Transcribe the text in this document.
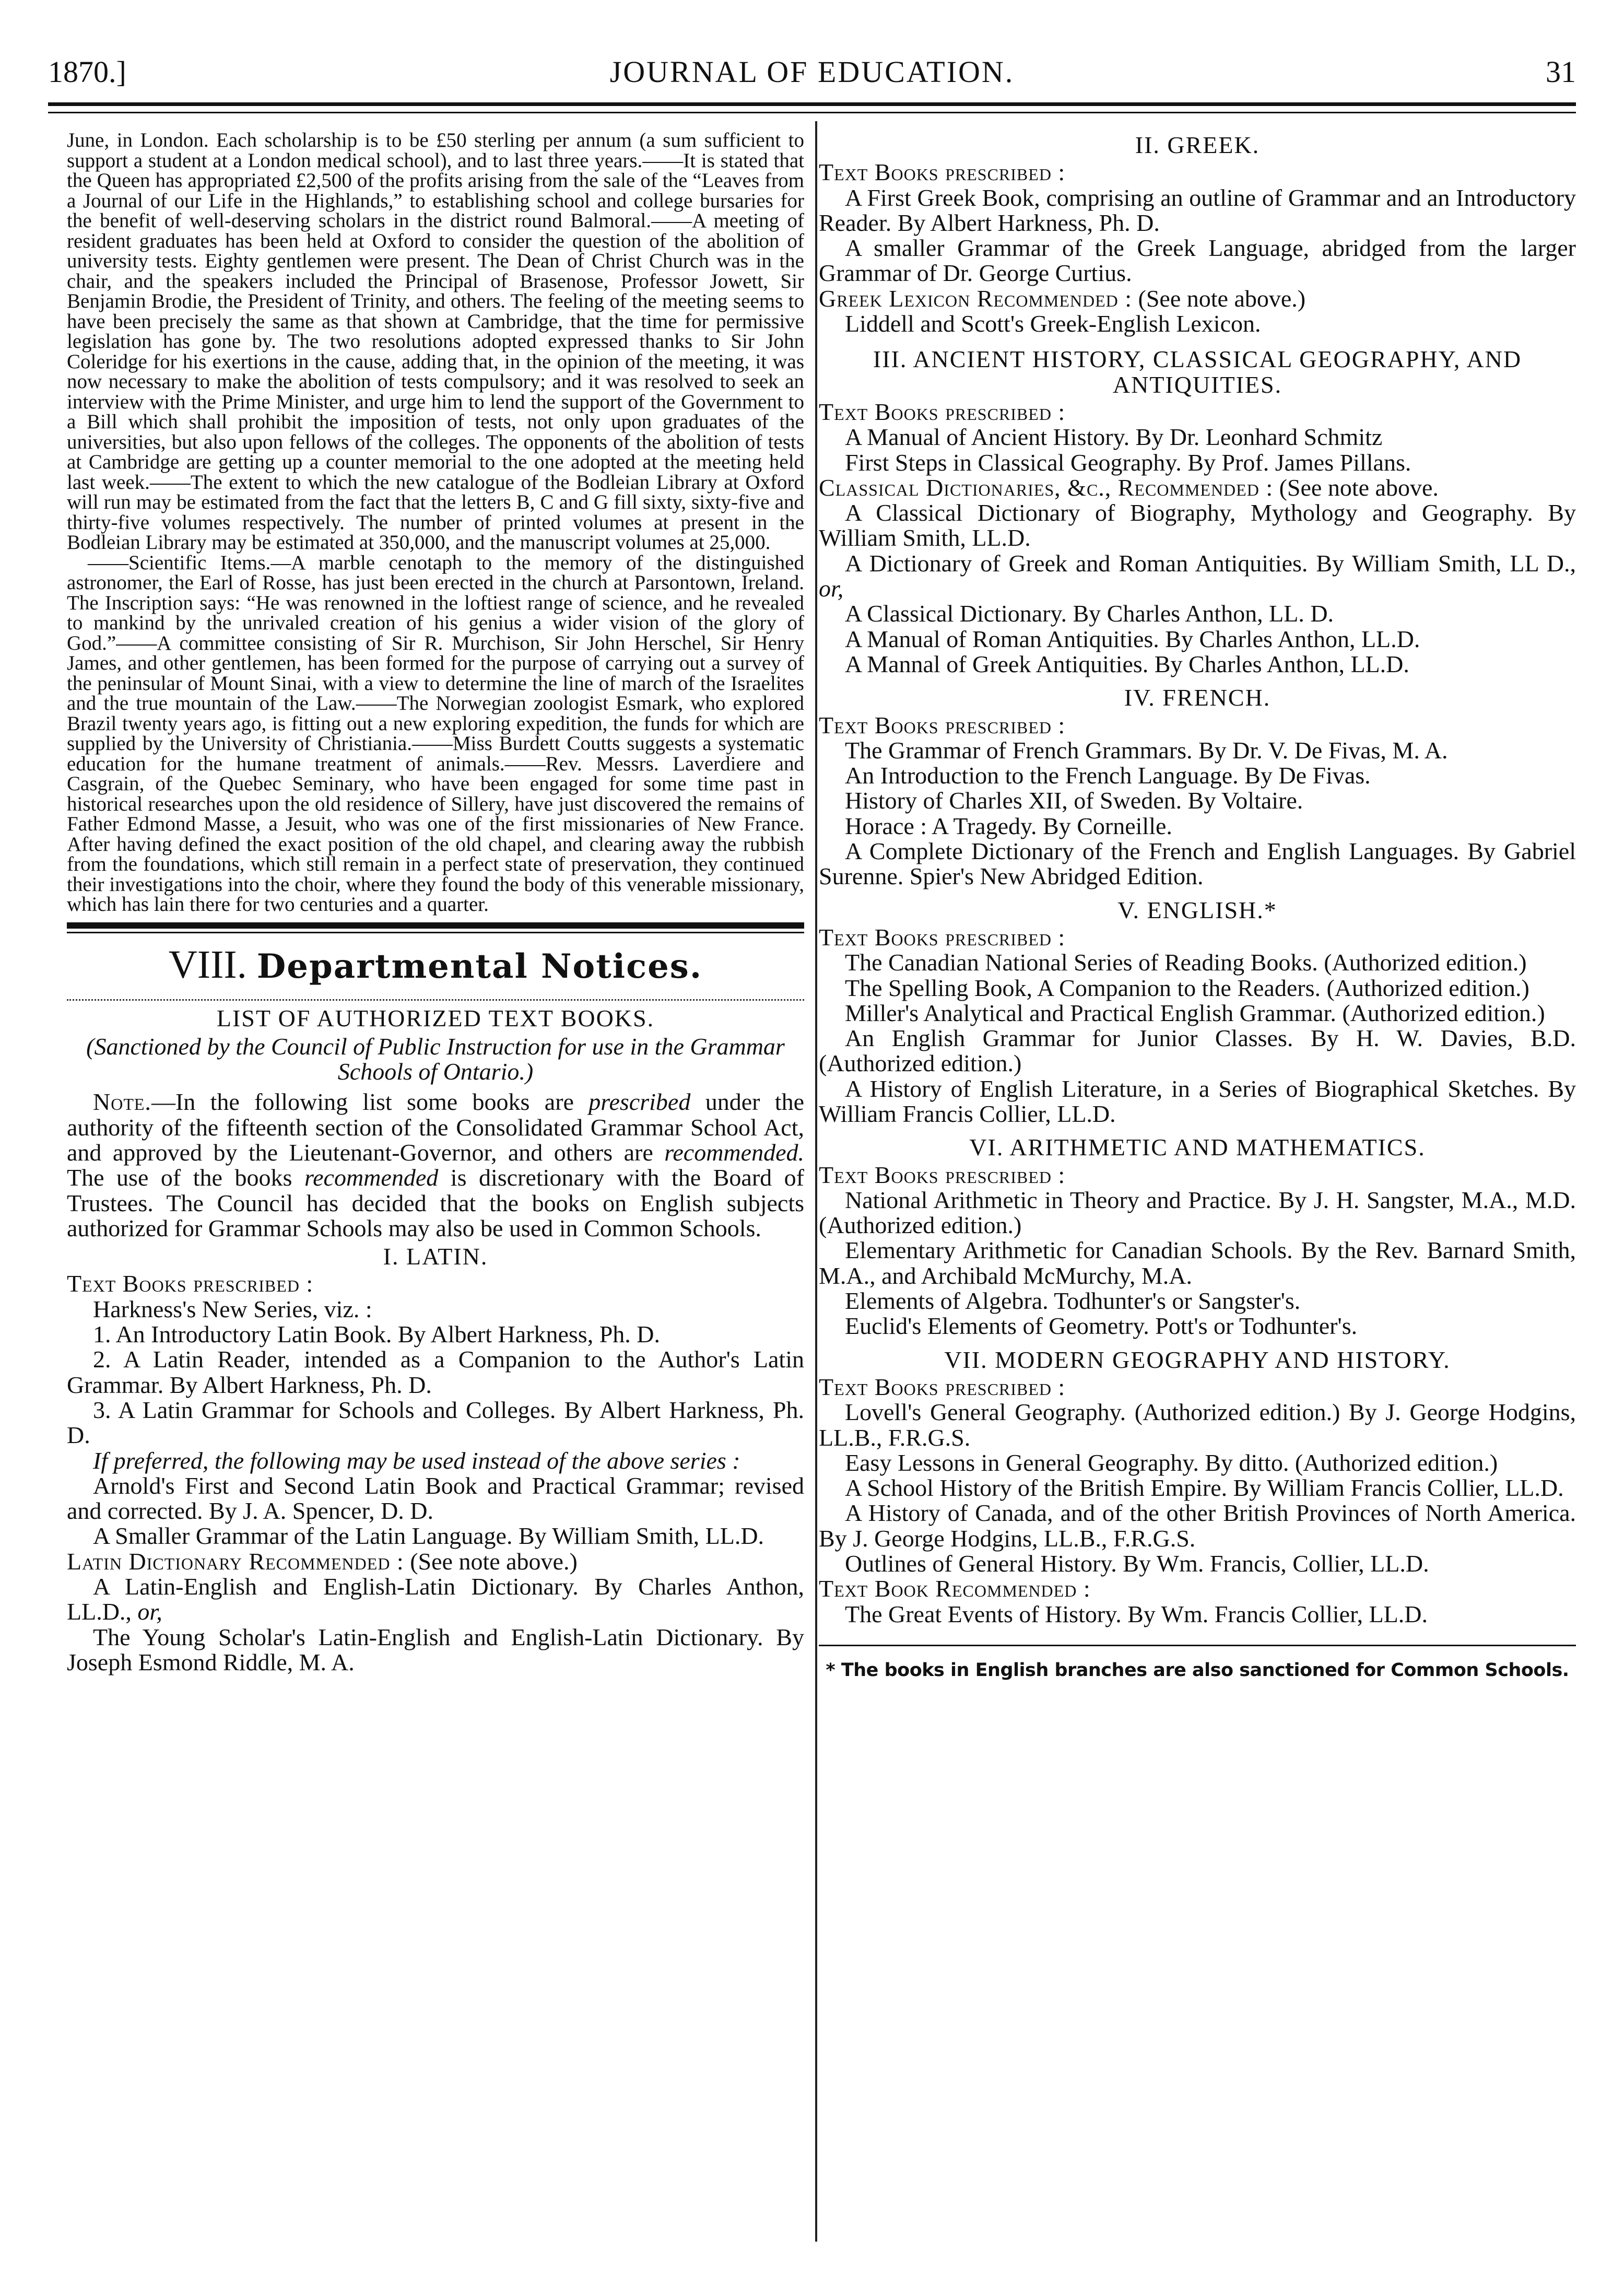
1870.]	JOURNAL OF EDUCATION.	31

June, in London. Each scholarship is to be £50 sterling per annum (a sum sufficient to support a student at a London medical school), and to last three years.——It is stated that the Queen has appropriated £2,500 of the profits arising from the sale of the “Leaves from a Journal of our Life in the Highlands,” to establishing school and college bursaries for the benefit of well-deserving scholars in the district round Balmoral.——A meeting of resident graduates has been held at Oxford to consider the question of the abolition of university tests. Eighty gentlemen were present. The Dean of Christ Church was in the chair, and the speakers included the Principal of Brasenose, Professor Jowett, Sir Benjamin Brodie, the President of Trinity, and others. The feeling of the meeting seems to have been precisely the same as that shown at Cambridge, that the time for permissive legislation has gone by. The two resolutions adopted expressed thanks to Sir John Coleridge for his exertions in the cause, adding that, in the opinion of the meeting, it was now necessary to make the abolition of tests compulsory; and it was resolved to seek an interview with the Prime Minister, and urge him to lend the support of the Government to a Bill which shall prohibit the imposition of tests, not only upon graduates of the universities, but also upon fellows of the colleges. The opponents of the abolition of tests at Cambridge are getting up a counter memorial to the one adopted at the meeting held last week.——The extent to which the new catalogue of the Bodleian Library at Oxford will run may be estimated from the fact that the letters B, C and G fill sixty, sixty-five and thirty-five volumes respectively. The number of printed volumes at present in the Bodleian Library may be estimated at 350,000, and the manuscript volumes at 25,000.

——Scientific Items.—A marble cenotaph to the memory of the distinguished astronomer, the Earl of Rosse, has just been erected in the church at Parsontown, Ireland. The Inscription says: “He was renowned in the loftiest range of science, and he revealed to mankind by the unrivaled creation of his genius a wider vision of the glory of God.”——A committee consisting of Sir R. Murchison, Sir John Herschel, Sir Henry James, and other gentlemen, has been formed for the purpose of carrying out a survey of the peninsular of Mount Sinai, with a view to determine the line of march of the Israelites and the true mountain of the Law.——The Norwegian zoologist Esmark, who explored Brazil twenty years ago, is fitting out a new exploring expedition, the funds for which are supplied by the University of Christiania.——Miss Burdett Coutts suggests a systematic education for the humane treatment of animals.——Rev. Messrs. Laverdiere and Casgrain, of the Quebec Seminary, who have been engaged for some time past in historical researches upon the old residence of Sillery, have just discovered the remains of Father Edmond Masse, a Jesuit, who was one of the first missionaries of New France. After having defined the exact position of the old chapel, and clearing away the rubbish from the foundations, which still remain in a perfect state of preservation, they continued their investigations into the choir, where they found the body of this venerable missionary, which has lain there for two centuries and a quarter.

VIII. Departmental Notices.

LIST OF AUTHORIZED TEXT BOOKS.

(Sanctioned by the Council of Public Instruction for use in the Grammar Schools of Ontario.)

Note.—In the following list some books are prescribed under the authority of the fifteenth section of the Consolidated Grammar School Act, and approved by the Lieutenant-Governor, and others are recommended. The use of the books recommended is discretionary with the Board of Trustees. The Council has decided that the books on English subjects authorized for Grammar Schools may also be used in Common Schools.

I. LATIN.

Text Books prescribed :

Harkness's New Series, viz. :

1. An Introductory Latin Book. By Albert Harkness, Ph. D.

2. A Latin Reader, intended as a Companion to the Author's Latin Grammar. By Albert Harkness, Ph. D.

3. A Latin Grammar for Schools and Colleges. By Albert Harkness, Ph. D.

If preferred, the following may be used instead of the above series :

Arnold's First and Second Latin Book and Practical Grammar; revised and corrected. By J. A. Spencer, D. D.

A Smaller Grammar of the Latin Language. By William Smith, LL.D.

Latin Dictionary Recommended : (See note above.)

A Latin-English and English-Latin Dictionary. By Charles Anthon, LL.D., or,

The Young Scholar's Latin-English and English-Latin Dictionary. By Joseph Esmond Riddle, M. A.

II. GREEK.

Text Books prescribed :

A First Greek Book, comprising an outline of Grammar and an Introductory Reader. By Albert Harkness, Ph. D.

A smaller Grammar of the Greek Language, abridged from the larger Grammar of Dr. George Curtius.

Greek Lexicon Recommended : (See note above.)

Liddell and Scott's Greek-English Lexicon.

III. ANCIENT HISTORY, CLASSICAL GEOGRAPHY, AND ANTIQUITIES.

Text Books prescribed :

A Manual of Ancient History. By Dr. Leonhard Schmitz

First Steps in Classical Geography. By Prof. James Pillans.

Classical Dictionaries, &c., Recommended : (See note above.

A Classical Dictionary of Biography, Mythology and Geography. By William Smith, LL.D.

A Dictionary of Greek and Roman Antiquities. By William Smith, LL D., or,

A Classical Dictionary. By Charles Anthon, LL. D.

A Manual of Roman Antiquities. By Charles Anthon, LL.D.

A Mannal of Greek Antiquities. By Charles Anthon, LL.D.

IV. FRENCH.

Text Books prescribed :

The Grammar of French Grammars. By Dr. V. De Fivas, M. A.

An Introduction to the French Language. By De Fivas.

History of Charles XII, of Sweden. By Voltaire.

Horace : A Tragedy. By Corneille.

A Complete Dictionary of the French and English Languages. By Gabriel Surenne. Spier's New Abridged Edition.

V. ENGLISH.*

Text Books prescribed :

The Canadian National Series of Reading Books. (Authorized edition.)

The Spelling Book, A Companion to the Readers. (Authorized edition.)

Miller's Analytical and Practical English Grammar. (Authorized edition.)

An English Grammar for Junior Classes. By H. W. Davies, B.D. (Authorized edition.)

A History of English Literature, in a Series of Biographical Sketches. By William Francis Collier, LL.D.

VI. ARITHMETIC AND MATHEMATICS.

Text Books prescribed :

National Arithmetic in Theory and Practice. By J. H. Sangster, M.A., M.D. (Authorized edition.)

Elementary Arithmetic for Canadian Schools. By the Rev. Barnard Smith, M.A., and Archibald McMurchy, M.A.

Elements of Algebra. Todhunter's or Sangster's.

Euclid's Elements of Geometry. Pott's or Todhunter's.

VII. MODERN GEOGRAPHY AND HISTORY.

Text Books prescribed :

Lovell's General Geography. (Authorized edition.) By J. George Hodgins, LL.B., F.R.G.S.

Easy Lessons in General Geography. By ditto. (Authorized edition.)

A School History of the British Empire. By William Francis Collier, LL.D.

A History of Canada, and of the other British Provinces of North America. By J. George Hodgins, LL.B., F.R.G.S.

Outlines of General History. By Wm. Francis, Collier, LL.D.

Text Book Recommended :

The Great Events of History. By Wm. Francis Collier, LL.D.

* The books in English branches are also sanctioned for Common Schools.
